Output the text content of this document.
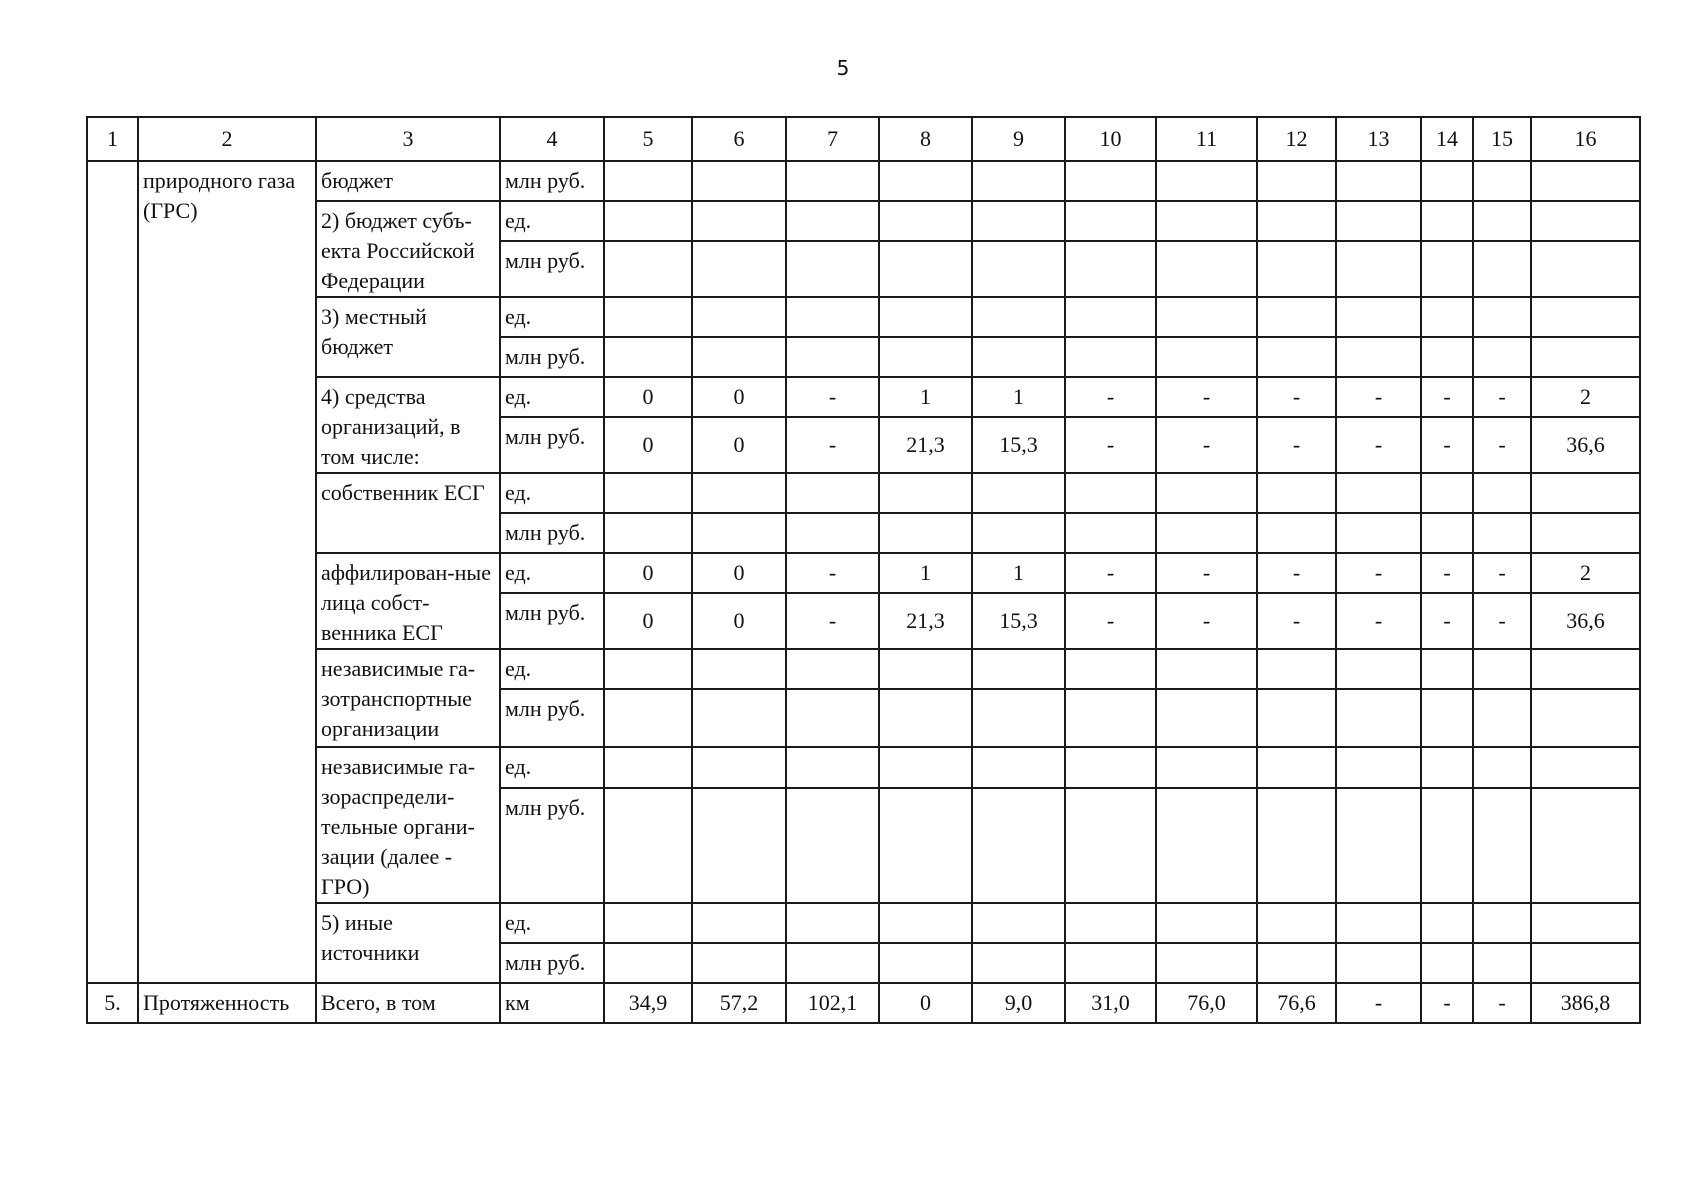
5
1	2	3	4	5	6	7	8	9	10	11	12	13	14	15	16
	природного газа (ГРС)	бюджет	млн руб.												
		2) бюджет субъ-екта Российской Федерации	ед.												
			млн руб.												
		3) местный бюджет	ед.												
			млн руб.												
		4) средства организаций, в том числе:	ед.	0	0	-	1	1	-	-	-	-	-	-	2
			млн руб.	0	0	-	21,3	15,3	-	-	-	-	-	-	36,6
		собственник ЕСГ	ед.												
			млн руб.												
		аффилирован-ные лица собст-венника ЕСГ	ед.	0	0	-	1	1	-	-	-	-	-	-	2
			млн руб.	0	0	-	21,3	15,3	-	-	-	-	-	-	36,6
		независимые га-зотранспортные организации	ед.												
			млн руб.												
		независимые га-зораспредели-тельные органи-зации (далее - ГРО)	ед.												
			млн руб.												
		5) иные источники	ед.												
			млн руб.												
5.	Протяженность	Всего, в том	км	34,9	57,2	102,1	0	9,0	31,0	76,0	76,6	-	-	-	386,8
